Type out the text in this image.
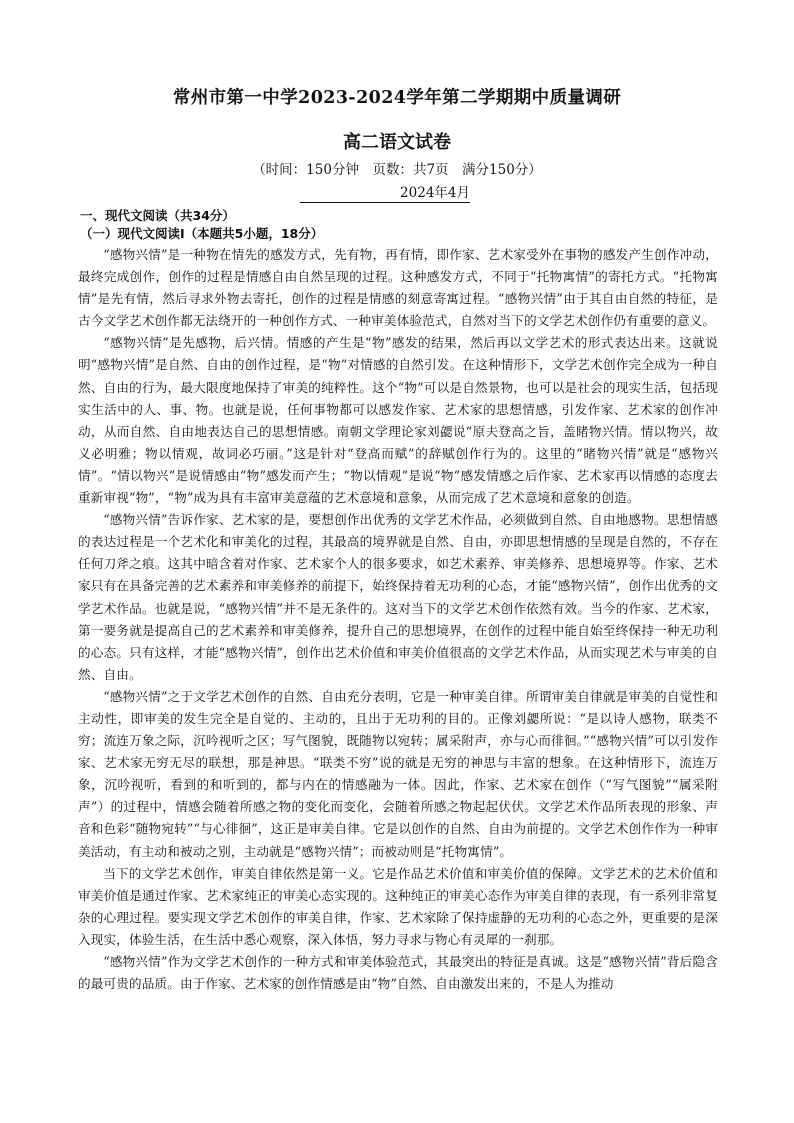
常州市第一中学2023-2024学年第二学期期中质量调研
高二语文试卷
（时间：150分钟　页数：共7页　满分150分）
2024年4月
一、现代文阅读（共34分）
（一）现代文阅读Ⅰ（本题共5小题，18分）

“感物兴情”是一种物在情先的感发方式，先有物，再有情，即作家、艺术家受外在事物的感发产生创作冲动，最终完成创作，创作的过程是情感自由自然呈现的过程。这种感发方式，不同于“托物寓情”的寄托方式。“托物寓情”是先有情，然后寻求外物去寄托，创作的过程是情感的刻意寄寓过程。“感物兴情”由于其自由自然的特征，是古今文学艺术创作都无法绕开的一种创作方式、一种审美体验范式，自然对当下的文学艺术创作仍有重要的意义。

“感物兴情”是先感物，后兴情。情感的产生是“物”感发的结果，然后再以文学艺术的形式表达出来。这就说明“感物兴情”是自然、自由的创作过程，是“物”对情感的自然引发。在这种情形下，文学艺术创作完全成为一种自然、自由的行为，最大限度地保持了审美的纯粹性。这个“物”可以是自然景物，也可以是社会的现实生活，包括现实生活中的人、事、物。也就是说，任何事物都可以感发作家、艺术家的思想情感，引发作家、艺术家的创作冲动，从而自然、自由地表达自己的思想情感。南朝文学理论家刘勰说“原夫登高之旨，盖睹物兴情。情以物兴，故义必明雅；物以情观，故词必巧丽。”这是针对“登高而赋”的辞赋创作行为的。这里的“睹物兴情”就是“感物兴情”。“情以物兴”是说情感由“物”感发而产生；“物以情观”是说“物”感发情感之后作家、艺术家再以情感的态度去重新审视“物”，“物”成为具有丰富审美意蕴的艺术意境和意象，从而完成了艺术意境和意象的创造。

“感物兴情”告诉作家、艺术家的是，要想创作出优秀的文学艺术作品，必须做到自然、自由地感物。思想情感的表达过程是一个艺术化和审美化的过程，其最高的境界就是自然、自由，亦即思想情感的呈现是自然的，不存在任何刀斧之痕。这其中暗含着对作家、艺术家个人的很多要求，如艺术素养、审美修养、思想境界等。作家、艺术家只有在具备完善的艺术素养和审美修养的前提下，始终保持着无功利的心态，才能“感物兴情”，创作出优秀的文学艺术作品。也就是说，“感物兴情”并不是无条件的。这对当下的文学艺术创作依然有效。当今的作家、艺术家，第一要务就是提高自己的艺术素养和审美修养，提升自己的思想境界，在创作的过程中能自始至终保持一种无功利的心态。只有这样，才能“感物兴情”，创作出艺术价值和审美价值很高的文学艺术作品，从而实现艺术与审美的自然、自由。

“感物兴情”之于文学艺术创作的自然、自由充分表明，它是一种审美自律。所谓审美自律就是审美的自觉性和主动性，即审美的发生完全是自觉的、主动的，且出于无功利的目的。正像刘勰所说：“是以诗人感物，联类不穷；流连万象之际，沉吟视听之区；写气图貌，既随物以宛转；属采附声，亦与心而徘徊。”“感物兴情”可以引发作家、艺术家无穷无尽的联想，那是神思。“联类不穷”说的就是无穷的神思与丰富的想象。在这种情形下，流连万象，沉吟视听，看到的和听到的，都与内在的情感融为一体。因此，作家、艺术家在创作（“写气图貌”“属采附声”）的过程中，情感会随着所感之物的变化而变化，会随着所感之物起起伏伏。文学艺术作品所表现的形象、声音和色彩“随物宛转”“与心徘徊”，这正是审美自律。它是以创作的自然、自由为前提的。文学艺术创作作为一种审美活动，有主动和被动之别，主动就是“感物兴情”；而被动则是“托物寓情”。

当下的文学艺术创作，审美自律依然是第一义。它是作品艺术价值和审美价值的保障。文学艺术的艺术价值和审美价值是通过作家、艺术家纯正的审美心态实现的。这种纯正的审美心态作为审美自律的表现，有一系列非常复杂的心理过程。要实现文学艺术创作的审美自律，作家、艺术家除了保持虚静的无功利的心态之外，更重要的是深入现实，体验生活，在生活中悉心观察，深入体悟，努力寻求与物心有灵犀的一刹那。

“感物兴情”作为文学艺术创作的一种方式和审美体验范式，其最突出的特征是真诚。这是“感物兴情”背后隐含的最可贵的品质。由于作家、艺术家的创作情感是由“物”自然、自由激发出来的，不是人为推动
